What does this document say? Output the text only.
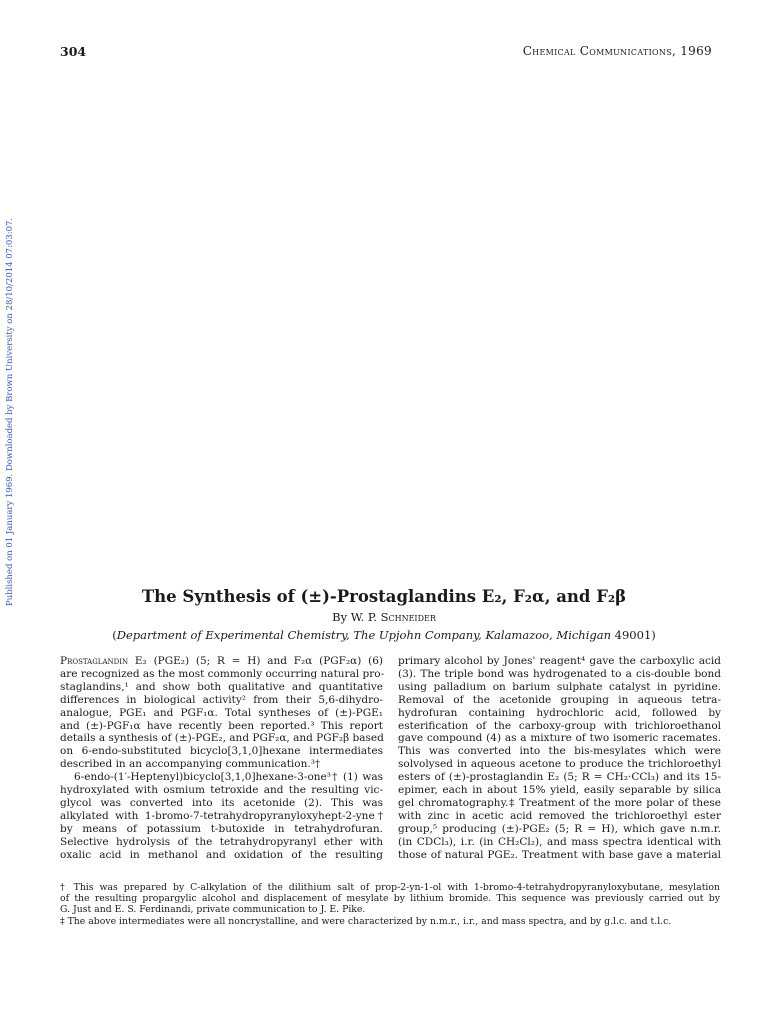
304	Chemical Communications, 1969
Published on 01 January 1969. Downloaded by Brown University on 28/10/2014 07:03:07.	The Synthesis of (±)-Prostaglandins E₂, F₂α, and F₂β
By W. P. Schneider
(Department of Experimental Chemistry, The Upjohn Company, Kalamazoo, Michigan 49001)
Prostaglandin E₂ (PGE₂) (5; R = H) and F₂α (PGF₂α) (6)
are recognized as the most commonly occurring natural pro-
staglandins,¹ and show both qualitative and quantitative
differences in biological activity² from their 5,6-dihydro-
analogue, PGE₁ and PGF₁α. Total syntheses of (±)-PGE₁
and (±)-PGF₁α have recently been reported.³ This report
details a synthesis of (±)-PGE₂, and PGF₂α, and PGF₂β based
on 6-endo-substituted bicyclo[3,1,0]hexane intermediates
described in an accompanying communication.³†
6-endo-(1′-Heptenyl)bicyclo[3,1,0]hexane-3-one³† (1) was
hydroxylated with osmium tetroxide and the resulting vic-
glycol was converted into its acetonide (2). This was
alkylated with 1-bromo-7-tetrahydropyranyloxyhept-2-yne†
by means of potassium t-butoxide in tetrahydrofuran.
Selective hydrolysis of the tetrahydropyranyl ether with
oxalic acid in methanol and oxidation of the resulting
primary alcohol by Jones' reagent⁴ gave the carboxylic acid
(3). The triple bond was hydrogenated to a cis-double bond
using palladium on barium sulphate catalyst in pyridine.
Removal of the acetonide grouping in aqueous tetra-
hydrofuran containing hydrochloric acid, followed by
esterification of the carboxy-group with trichloroethanol
gave compound (4) as a mixture of two isomeric racemates.
This was converted into the bis-mesylates which were
solvolysed in aqueous acetone to produce the trichloroethyl
esters of (±)-prostaglandin E₂ (5; R = CH₂·CCl₃) and its 15-
epimer, each in about 15% yield, easily separable by silica
gel chromatography.‡ Treatment of the more polar of these
with zinc in acetic acid removed the trichloroethyl ester
group,⁵ producing (±)-PGE₂ (5; R = H), which gave n.m.r.
(in CDCl₃), i.r. (in CH₂Cl₂), and mass spectra identical with
those of natural PGE₂. Treatment with base gave a material
† This was prepared by C-alkylation of the dilithium salt of prop-2-yn-1-ol with 1-bromo-4-tetrahydropyranyloxybutane, mesylation
of the resulting propargylic alcohol and displacement of mesylate by lithium bromide. This sequence was previously carried out by
G. Just and E. S. Ferdinandi, private communication to J. E. Pike.
‡ The above intermediates were all noncrystalline, and were characterized by n.m.r., i.r., and mass spectra, and by g.l.c. and t.l.c.
